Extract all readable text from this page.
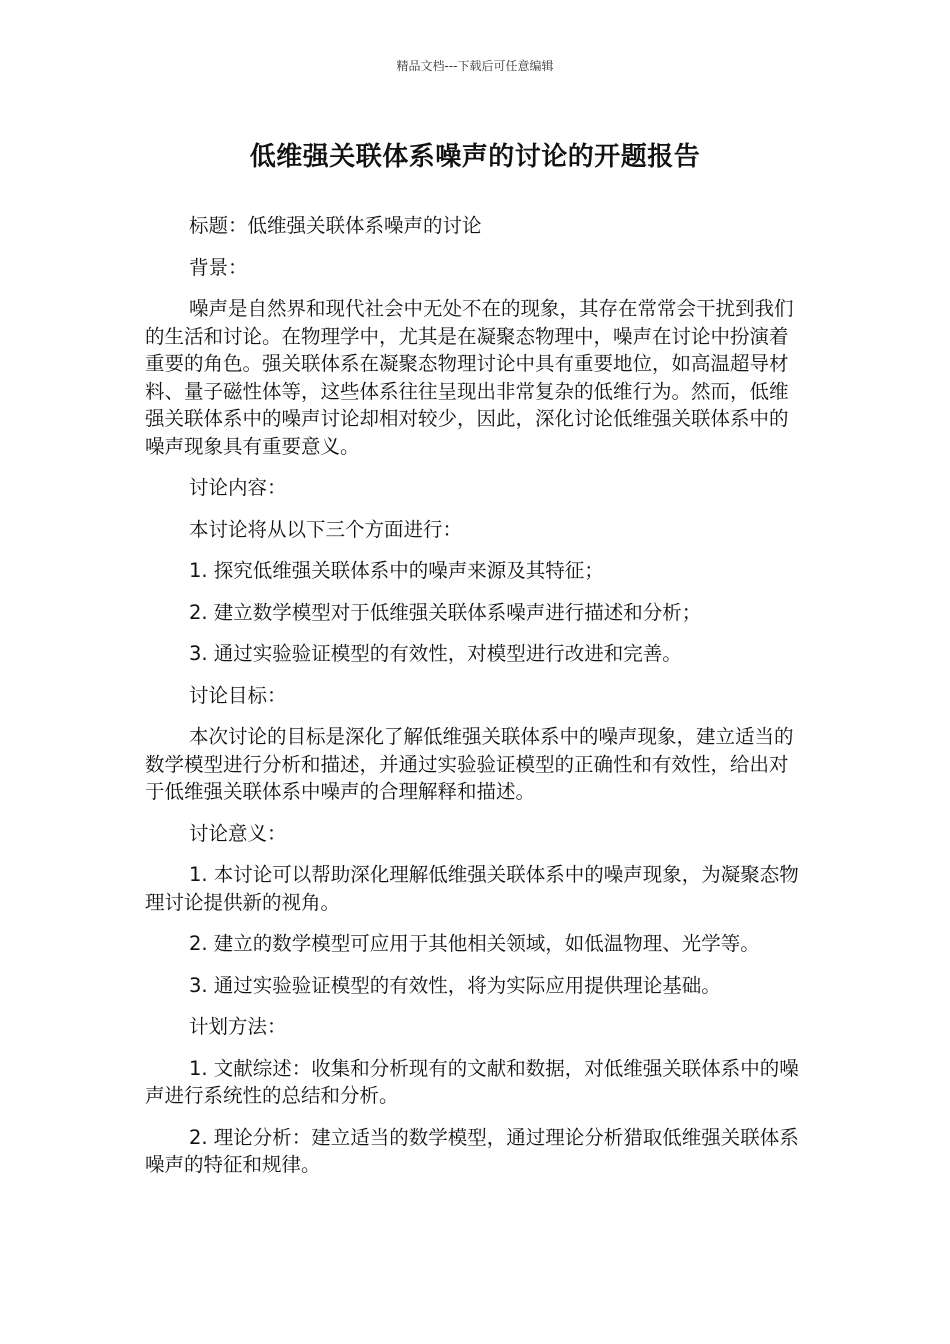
精品文档---下载后可任意编辑
低维强关联体系噪声的讨论的开题报告

标题：低维强关联体系噪声的讨论

背景：

噪声是自然界和现代社会中无处不在的现象，其存在常常会干扰到我们的生活和讨论。在物理学中，尤其是在凝聚态物理中，噪声在讨论中扮演着重要的角色。强关联体系在凝聚态物理讨论中具有重要地位，如高温超导材料、量子磁性体等，这些体系往往呈现出非常复杂的低维行为。然而，低维强关联体系中的噪声讨论却相对较少，因此，深化讨论低维强关联体系中的噪声现象具有重要意义。

讨论内容：

本讨论将从以下三个方面进行：

1. 探究低维强关联体系中的噪声来源及其特征；

2. 建立数学模型对于低维强关联体系噪声进行描述和分析；

3. 通过实验验证模型的有效性，对模型进行改进和完善。

讨论目标：

本次讨论的目标是深化了解低维强关联体系中的噪声现象，建立适当的数学模型进行分析和描述，并通过实验验证模型的正确性和有效性，给出对于低维强关联体系中噪声的合理解释和描述。

讨论意义：

1. 本讨论可以帮助深化理解低维强关联体系中的噪声现象，为凝聚态物理讨论提供新的视角。

2. 建立的数学模型可应用于其他相关领域，如低温物理、光学等。

3. 通过实验验证模型的有效性，将为实际应用提供理论基础。

计划方法：

1. 文献综述：收集和分析现有的文献和数据，对低维强关联体系中的噪声进行系统性的总结和分析。

2. 理论分析：建立适当的数学模型，通过理论分析猎取低维强关联体系噪声的特征和规律。
